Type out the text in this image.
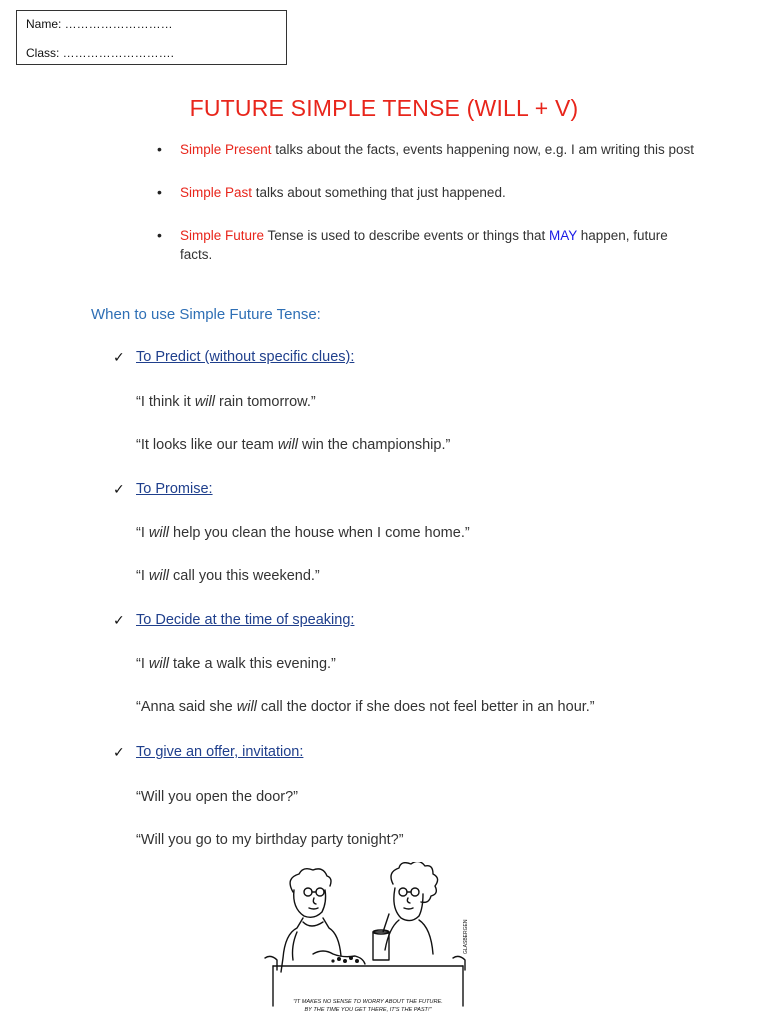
Name: ………………………
Class: ……………………….
FUTURE SIMPLE TENSE (WILL + V)
• Simple Present talks about the facts, events happening now, e.g. I am writing this post
• Simple Past talks about something that just happened.
• Simple Future Tense is used to describe events or things that MAY happen, future facts.
When to use Simple Future Tense:
✓ To Predict (without specific clues):
“I think it will rain tomorrow.”
“It looks like our team will win the championship.”
✓ To Promise:
“I will help you clean the house when I come home.”
“I will call you this weekend.”
✓ To Decide at the time of speaking:
“I will take a walk this evening.”
“Anna said she will call the doctor if she does not feel better in an hour.”
✓ To give an offer, invitation:
“Will you open the door?”
“Will you go to my birthday party tonight?”
GLASBERGEN
"IT MAKES NO SENSE TO WORRY ABOUT THE FUTURE.
BY THE TIME YOU GET THERE, IT'S THE PAST!"
